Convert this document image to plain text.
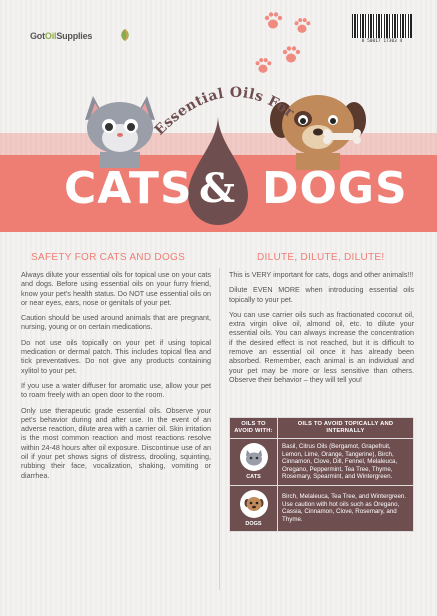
GotOilSupplies
8 50017 17303 4
Essential Oils For
CATS & DOGS
SAFETY FOR CATS AND DOGS

Always dilute your essential oils for topical use on your cats and dogs. Before using essential oils on your furry friend, know your pet’s health status. Do NOT use essential oils on or near eyes, ears, nose or genitals of your pet.

Caution should be used around animals that are pregnant, nursing, young or on certain medications.

Do not use oils topically on your pet if using topical medication or dermal patch. This includes topical flea and tick preventatives. Do not give any products containing xylitol to your pet.

If you use a water diffuser for aromatic use, allow your pet to roam freely with an open door to the room.

Only use therapeutic grade essential oils. Observe your pet’s behavior during and after use. In the event of an adverse reaction, dilute area with a carrier oil. Skin irritation is the most common reaction and most reactions resolve within 24-48 hours after oil exposure. Discontinue use of an oil if your pet shows signs of distress, drooling, squinting, rubbing their face, vocalization, shaking, vomiting or diarrhea.

DILUTE, DILUTE, DILUTE!

This is VERY important for cats, dogs and other animals!!!

Dilute EVEN MORE when introducing essential oils topically to your pet.

You can use carrier oils such as fractionated coconut oil, extra virgin olive oil, almond oil, etc. to dilute your essential oils. You can always increase the concentration if the desired effect is not reached, but it is difficult to remove an essential oil once it has already been absorbed. Remember, each animal is an individual and your pet may be more or less sensitive than others. Observe their behavior – they will tell you!

OILS TO AVOID WITH:	OILS TO AVOID TOPICALLY AND INTERNALLY

CATS	Basil, Citrus Oils (Bergamot, Grapefruit, Lemon, Lime, Orange, Tangerine), Birch, Cinnamon, Clove, Dill, Fennel, Melaleuca, Oregano, Peppermint, Tea Tree, Thyme, Rosemary, Spearmint, and Wintergreen.

DOGS	Birch, Melaleuca, Tea Tree, and Wintergreen. Use caution with hot oils such as Oregano, Cassia, Cinnamon, Clove, Rosemary, and Thyme.
